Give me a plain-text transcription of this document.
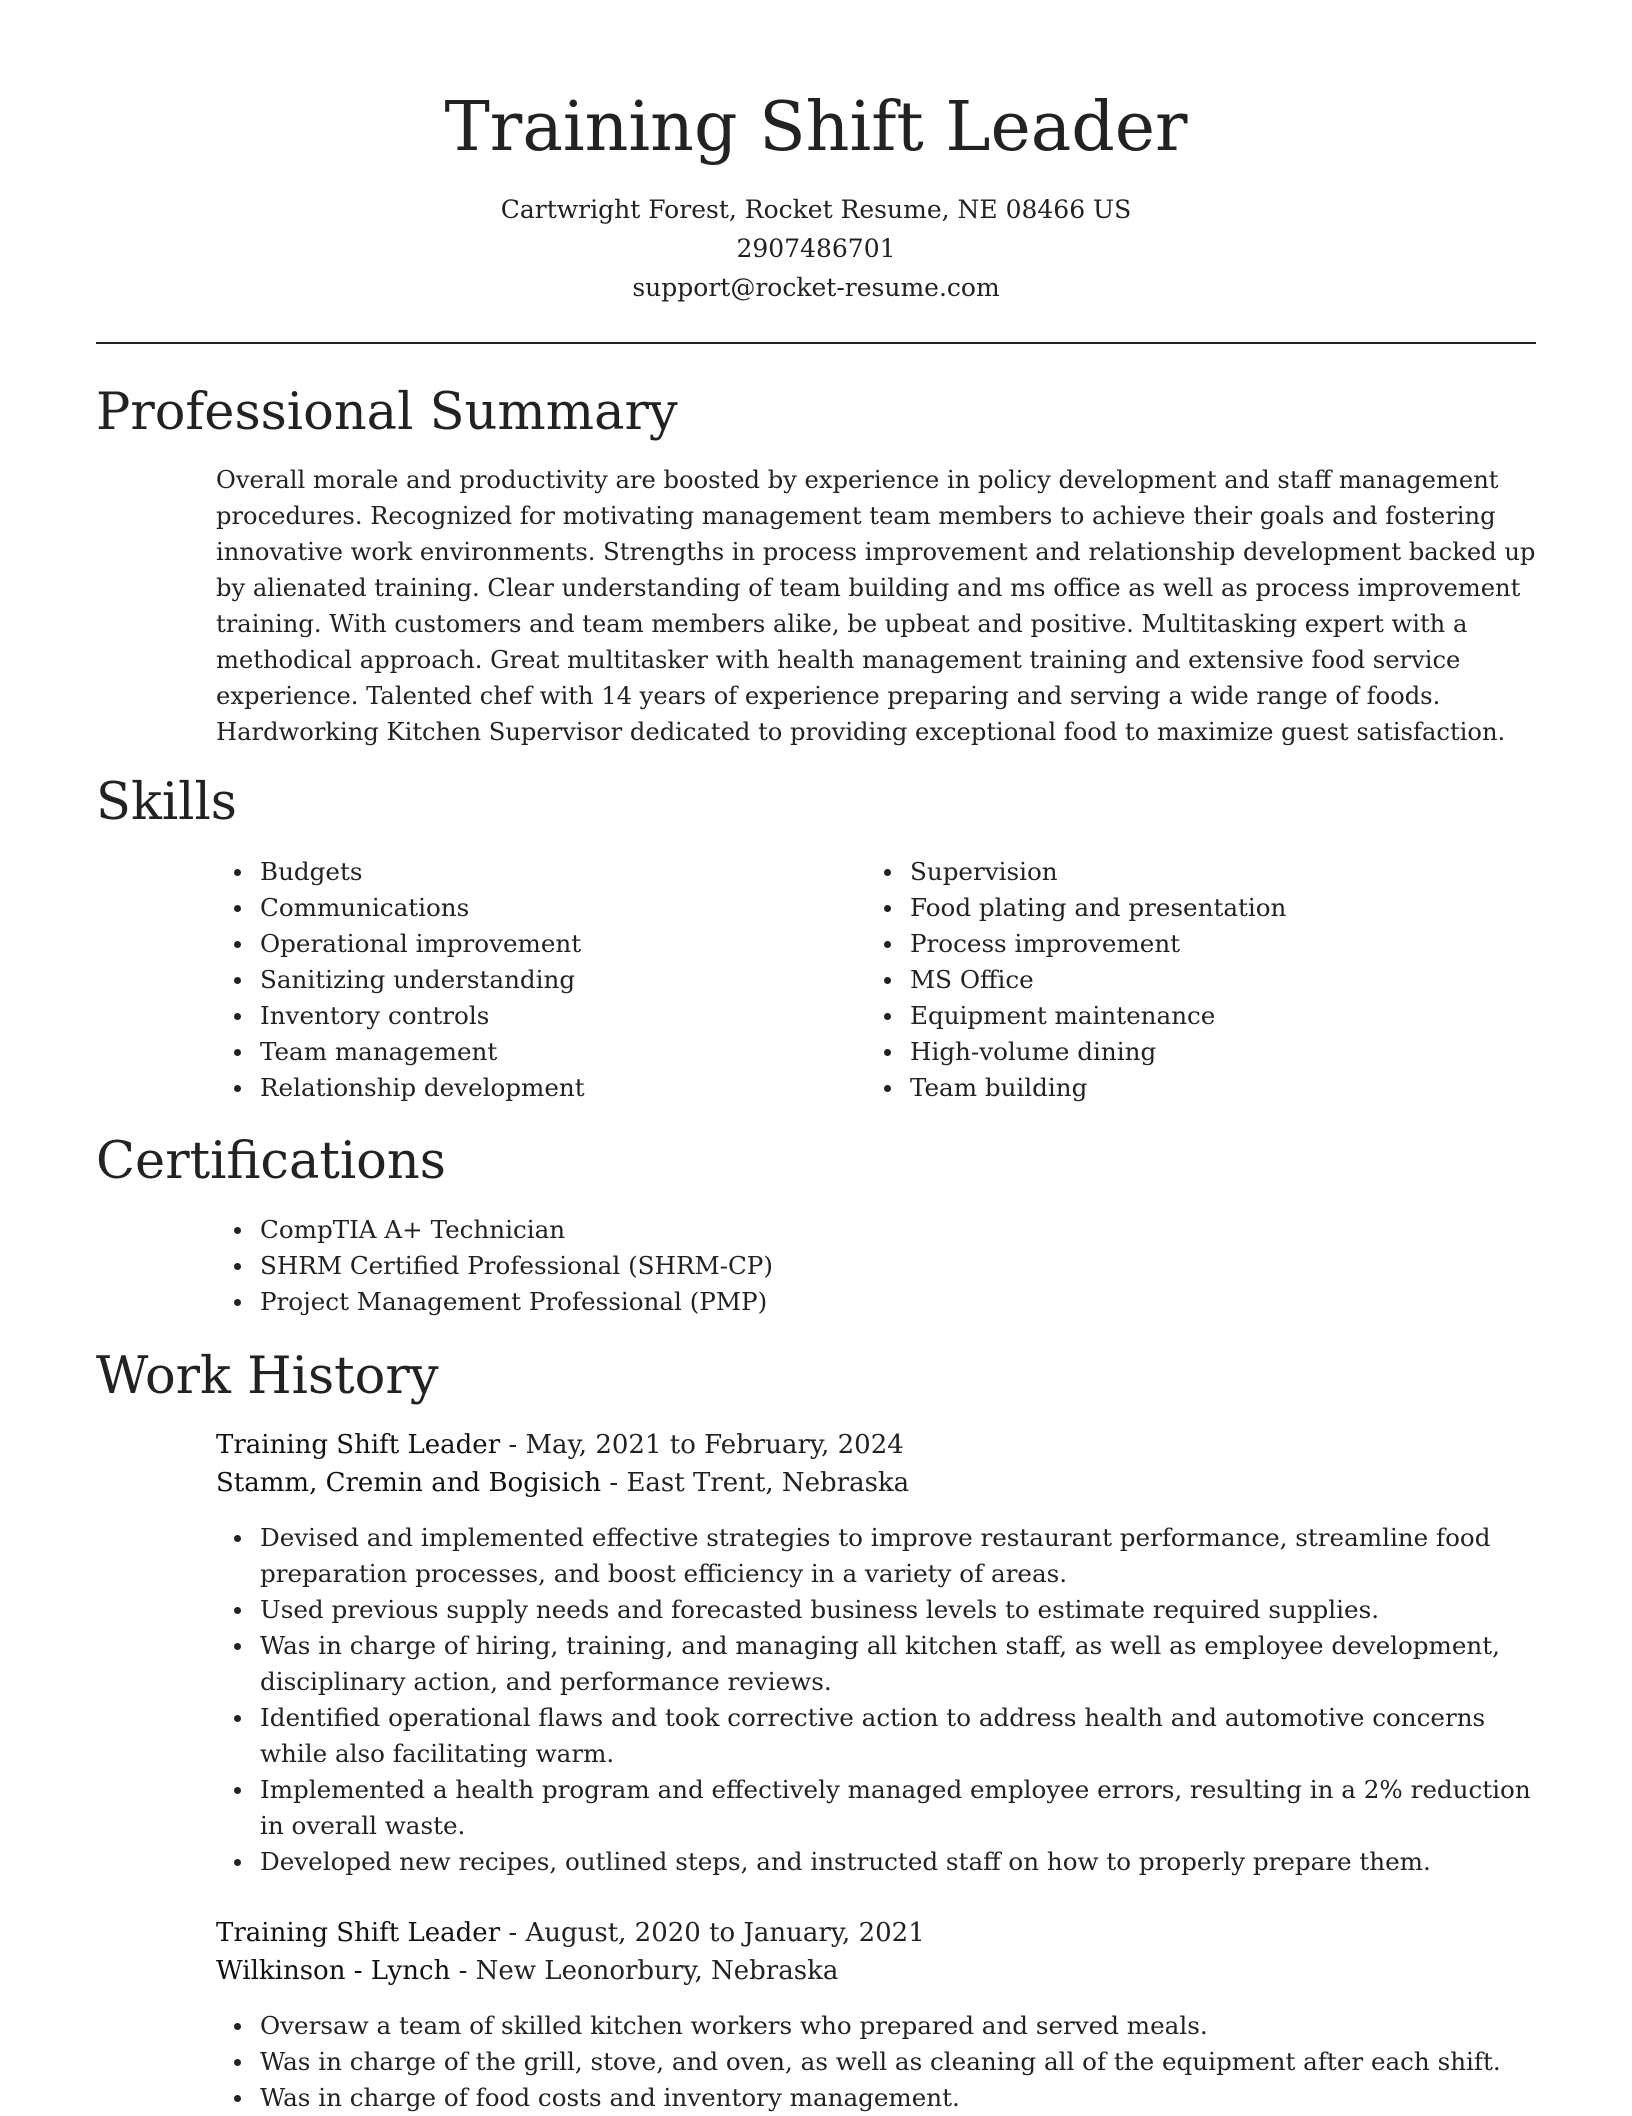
Training Shift Leader

Cartwright Forest, Rocket Resume, NE 08466 US

2907486701

support@rocket-resume.com

Professional Summary

Overall morale and productivity are boosted by experience in policy development and staff management procedures. Recognized for motivating management team members to achieve their goals and fostering innovative work environments. Strengths in process improvement and relationship development backed up by alienated training. Clear understanding of team building and ms office as well as process improvement training. With customers and team members alike, be upbeat and positive. Multitasking expert with a methodical approach. Great multitasker with health management training and extensive food service experience. Talented chef with 14 years of experience preparing and serving a wide range of foods. Hardworking Kitchen Supervisor dedicated to providing exceptional food to maximize guest satisfaction.

Skills
Budgets
Communications
Operational improvement
Sanitizing understanding
Inventory controls
Team management
Relationship development
Supervision
Food plating and presentation
Process improvement
MS Office
Equipment maintenance
High-volume dining
Team building
Certifications
CompTIA A+ Technician
SHRM Certified Professional (SHRM-CP)
Project Management Professional (PMP)
Work History
Training Shift Leader - May, 2021 to February, 2024
Stamm, Cremin and Bogisich - East Trent, Nebraska
Devised and implemented effective strategies to improve restaurant performance, streamline food preparation processes, and boost efficiency in a variety of areas.
Used previous supply needs and forecasted business levels to estimate required supplies.
Was in charge of hiring, training, and managing all kitchen staff, as well as employee development, disciplinary action, and performance reviews.
Identified operational flaws and took corrective action to address health and automotive concerns while also facilitating warm.
Implemented a health program and effectively managed employee errors, resulting in a 2% reduction in overall waste.
Developed new recipes, outlined steps, and instructed staff on how to properly prepare them.
Training Shift Leader - August, 2020 to January, 2021
Wilkinson - Lynch - New Leonorbury, Nebraska
Oversaw a team of skilled kitchen workers who prepared and served meals.
Was in charge of the grill, stove, and oven, as well as cleaning all of the equipment after each shift.
Was in charge of food costs and inventory management.
